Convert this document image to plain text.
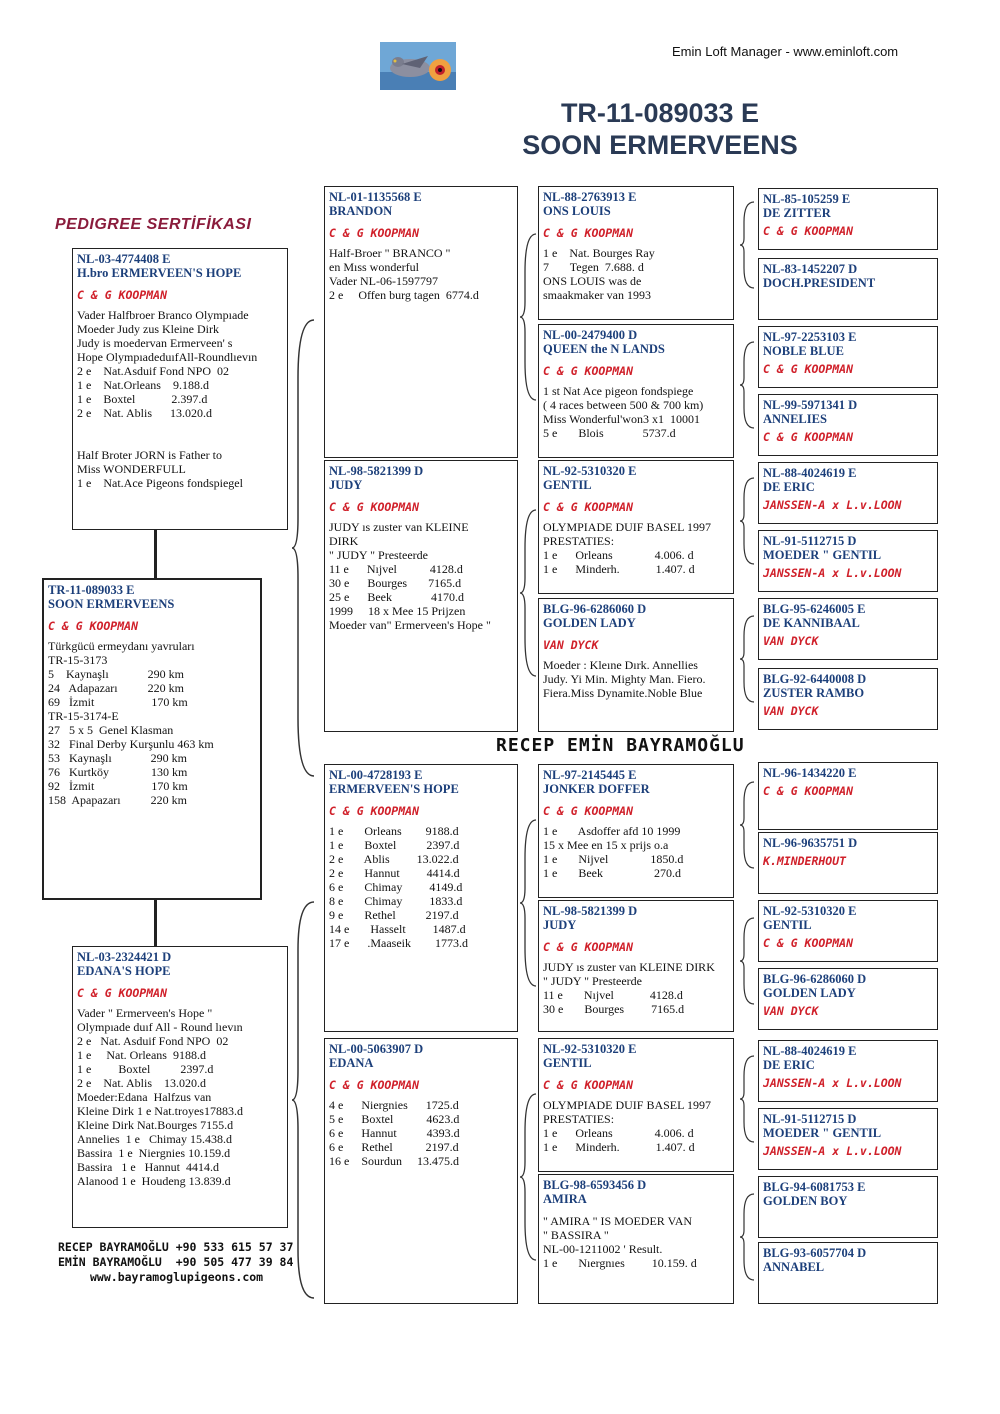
Emin Loft Manager - www.eminloft.com
TR-11-089033 E
SOON ERMERVEENS
PEDIGREE SERTİFİKASI
RECEP EMİN BAYRAMOĞLU
RECEP BAYRAMOĞLU +90 533 615 57 37
EMİN BAYRAMOĞLU  +90 505 477 39 84
www.bayramoglupigeons.com
NL-03-4774408 E
H.bro ERMERVEEN'S HOPE
C & G KOOPMAN
Vader Halfbroer Branco Olympıade
Moeder Judy zus Kleine Dirk
Judy is moedervan Ermerveen' s
Hope OlympıadeduıfAll-Roundlıevın
2 e    Nat.Asduif Fond NPO  02
1 e    Nat.Orleans    9.188.d
1 e    Boxtel            2.397.d
2 e    Nat. Ablis      13.020.d

Half Broter JORN is Father to
Miss WONDERFULL
1 e    Nat.Ace Pigeons fondspiegel
TR-11-089033 E
SOON ERMERVEENS
C & G KOOPMAN
Türkgücü ermeydanı yavruları
TR-15-3173
5    Kaynaşlı             290 km
24   Adapazarı          220 km
69   İzmit                   170 km
TR-15-3174-E
27   5 x 5  Genel Klasman
32   Final Derby Kurşunlu 463 km
53   Kaynaşlı             290 km
76   Kurtköy              130 km
92   İzmit                   170 km
158  Apapazarı          220 km
NL-03-2324421 D
EDANA'S HOPE
C & G KOOPMAN
Vader " Ermerveen's Hope "
Olympıade duıf All - Round lıevın
2 e   Nat. Asduif Fond NPO  02
1 e     Nat. Orleans  9188.d
1 e         Boxtel          2397.d
2 e    Nat. Ablis    13.020.d
Moeder:Edana  Halfzus van
Kleine Dirk 1 e Nat.troyes17883.d
Kleine Dirk Nat.Bourges 7155.d
Annelies  1 e   Chimay 15.438.d
Bassira  1 e  Niergnies 10.159.d
Bassira   1 e   Hannut  4414.d
Alanood 1 e  Houdeng 13.839.d
NL-01-1135568 E
BRANDON
C & G KOOPMAN
Half-Broer " BRANCO "
en Mıss wonderful
Vader NL-06-1597797
2 e     Offen burg tagen  6774.d
NL-98-5821399 D
JUDY
C & G KOOPMAN
JUDY ıs zuster van KLEINE
DIRK
" JUDY " Presteerde
11 e      Nıjvel           4128.d
30 e      Bourges       7165.d
25 e      Beek             4170.d
1999     18 x Mee 15 Prijzen
Moeder van" Ermerveen's Hope "
NL-00-4728193 E
ERMERVEEN'S HOPE
C & G KOOPMAN
1 e       Orleans        9188.d
1 e       Boxtel          2397.d
2 e       Ablis         13.022.d
2 e       Hannut         4414.d
6 e       Chimay         4149.d
8 e       Chimay         1833.d
9 e       Rethel          2197.d
14 e       Hasselt         1487.d
17 e      .Maaseik        1773.d
NL-00-5063907 D
EDANA
C & G KOOPMAN
4 e      Niergnies      1725.d
5 e      Boxtel           4623.d
6 e      Hannut          4393.d
6 e      Rethel           2197.d
16 e    Sourdun     13.475.d
NL-88-2763913 E
ONS LOUIS
C & G KOOPMAN
1 e    Nat. Bourges Ray
7       Tegen  7.688. d
ONS LOUIS was de
smaakmaker van 1993
NL-00-2479400 D
QUEEN the N LANDS
C & G KOOPMAN
1 st Nat Ace pigeon fondspiege
( 4 races between 500 & 700 km)
Miss Wonderful'won3 x1  10001
5 e       Blois             5737.d
NL-92-5310320 E
GENTIL
C & G KOOPMAN
OLYMPIADE DUIF BASEL 1997
PRESTATIES:
1 e      Orleans              4.006. d
1 e      Minderh.            1.407. d
BLG-96-6286060 D
GOLDEN LADY
VAN DYCK
Moeder : Kleıne Dırk. Annellies
Judy. Yi Min. Mighty Man. Fiero.
Fiera.Miss Dynamite.Noble Blue
NL-97-2145445 E
JONKER DOFFER
C & G KOOPMAN
1 e       Asdoffer afd 10 1999
15 x Mee en 15 x prijs o.a
1 e       Nijvel              1850.d
1 e       Beek                 270.d
NL-98-5821399 D
JUDY
C & G KOOPMAN
JUDY ıs zuster van KLEINE DIRK
" JUDY " Presteerde
11 e       Nıjvel            4128.d
30 e       Bourges         7165.d
NL-92-5310320 E
GENTIL
C & G KOOPMAN
OLYMPIADE DUIF BASEL 1997
PRESTATIES:
1 e      Orleans              4.006. d
1 e      Minderh.            1.407. d
BLG-98-6593456 D
AMIRA
" AMIRA " IS MOEDER VAN
" BASSIRA "
NL-00-1211002 ' Result.
1 e       Nıergnıes         10.159. d
NL-85-105259 E
DE ZITTER
C & G KOOPMAN
NL-83-1452207 D
DOCH.PRESIDENT
NL-97-2253103 E
NOBLE BLUE
C & G KOOPMAN
NL-99-5971341 D
ANNELIES
C & G KOOPMAN
NL-88-4024619 E
DE ERIC
JANSSEN-A x L.v.LOON
NL-91-5112715 D
MOEDER " GENTIL
JANSSEN-A x L.v.LOON
BLG-95-6246005 E
DE KANNIBAAL
VAN DYCK
BLG-92-6440008 D
ZUSTER RAMBO
VAN DYCK
NL-96-1434220 E
C & G KOOPMAN
NL-96-9635751 D
K.MINDERHOUT
NL-92-5310320 E
GENTIL
C & G KOOPMAN
BLG-96-6286060 D
GOLDEN LADY
VAN DYCK
NL-88-4024619 E
DE ERIC
JANSSEN-A x L.v.LOON
NL-91-5112715 D
MOEDER " GENTIL
JANSSEN-A x L.v.LOON
BLG-94-6081753 E
GOLDEN BOY
BLG-93-6057704 D
ANNABEL
